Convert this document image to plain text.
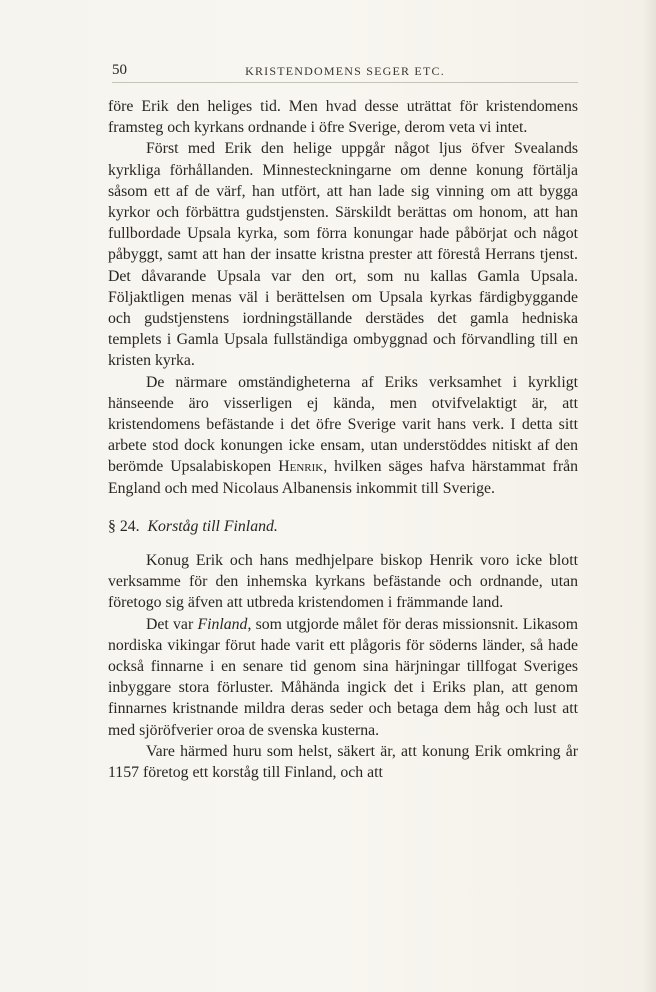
50	KRISTENDOMENS SEGER ETC.

före Erik den heliges tid. Men hvad desse uträttat för kristendomens framsteg och kyrkans ordnande i öfre Sverige, derom veta vi intet.

Först med Erik den helige uppgår något ljus öfver Svealands kyrkliga förhållanden. Minnesteckningarne om denne konung förtälja såsom ett af de värf, han utfört, att han lade sig vinning om att bygga kyrkor och förbättra gudstjensten. Särskildt berättas om honom, att han fullbordade Upsala kyrka, som förra konungar hade påbörjat och något påbyggt, samt att han der insatte kristna prester att förestå Herrans tjenst. Det dåvarande Upsala var den ort, som nu kallas Gamla Upsala. Följaktligen menas väl i berättelsen om Upsala kyrkas färdigbyggande och gudstjenstens iordningställande derstädes det gamla hedniska templets i Gamla Upsala fullständiga ombyggnad och förvandling till en kristen kyrka.

De närmare omständigheterna af Eriks verksamhet i kyrkligt hänseende äro visserligen ej kända, men otvifvelaktigt är, att kristendomens befästande i det öfre Sverige varit hans verk. I detta sitt arbete stod dock konungen icke ensam, utan understöddes nitiskt af den berömde Upsalabiskopen Henrik, hvilken säges hafva härstammat från England och med Nicolaus Albanensis inkommit till Sverige.

§ 24. Korståg till Finland.

Konug Erik och hans medhjelpare biskop Henrik voro icke blott verksamme för den inhemska kyrkans befästande och ordnande, utan företogo sig äfven att utbreda kristendomen i främmande land.

Det var Finland, som utgjorde målet för deras missionsnit. Likasom nordiska vikingar förut hade varit ett plågoris för söderns länder, så hade också finnarne i en senare tid genom sina härjningar tillfogat Sveriges inbyggare stora förluster. Måhända ingick det i Eriks plan, att genom finnarnes kristnande mildra deras seder och betaga dem håg och lust att med sjöröfverier oroa de svenska kusterna.

Vare härmed huru som helst, säkert är, att konung Erik omkring år 1157 företog ett korståg till Finland, och att
